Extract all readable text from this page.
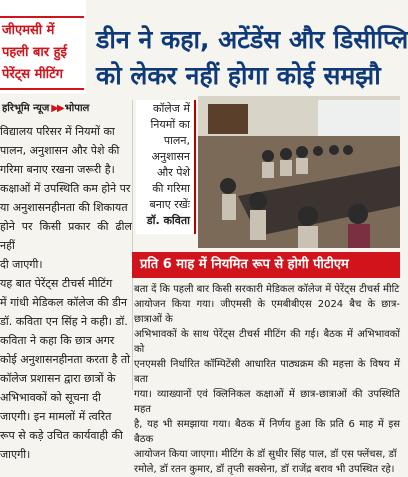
जीएमसी में
पहली बार हुई
पेरेंट्स मीटिंग
डीन ने कहा, अटेंडेंस और डिसीप्लि
को लेकर नहीं होगा कोई समझौ
हरिभूमि न्यूज ▶▶ भोपाल

विद्यालय परिसर में नियमों का

पालन, अनुशासन और पेशे की

गरिमा बनाए रखना जरूरी है।

कक्षाओं में उपस्थिति कम होने पर

या अनुशासनहीनता की शिकायत

होने पर किसी प्रकार की ढील नहीं

दी जाएगी।

यह बात पेरेंट्स टीचर्स मीटिंग

में गांधी मेडिकल कॉलेज की डीन

डॉ. कविता एन सिंह ने कही। डॉ.

कविता ने कहा कि छात्र अगर

कोई अनुशासनहीनता करता है तो

कॉलेज प्रशासन द्वारा छात्रों के

अभिभावकों को सूचना दी

जाएगी। इन मामलों में त्वरित

रूप से कड़े उचित कार्यवाही की

जाएगी।

कॉलेज में
नियमों का
पालन,
अनुशासन
और पेशे
की गरिमा
बनाए रखेंः
डॉ. कविता
प्रति 6 माह में नियमित रूप से होगी पीटीएम

बता दें कि पहली बार किसी सरकारी मेडिकल कॉलेज में पेरेंट्स टीचर्स मीटि

आयोजन किया गया। जीएमसी के एमबीबीएस 2024 बैच के छात्र-छात्राओं के

अभिभावकों के साथ पेरेंट्स टीचर्स मीटिंग की गई। बैठक में अभिभावकों को

एनएमसी निर्धारित कॉम्पिटेंसी आधारित पाठ्यक्रम की महत्ता के विषय में बता

गया। व्याख्यानों एवं क्लिनिकल कक्षाओं में छात्र-छात्राओं की उपस्थिति महत

है, यह भी समझाया गया। बैठक में निर्णय हुआ कि प्रति 6 माह में इस बैठक

आयोजन किया जाएगा। मीटिंग के डॉ सुधीर सिंह पाल, डॉ एस फ्लेंचस, डॉ

रमोले, डॉ रतन कुमार, डॉ तृप्ती सक्सेना, डॉ राजेंद्र बराव भी उपस्थित रहे।
